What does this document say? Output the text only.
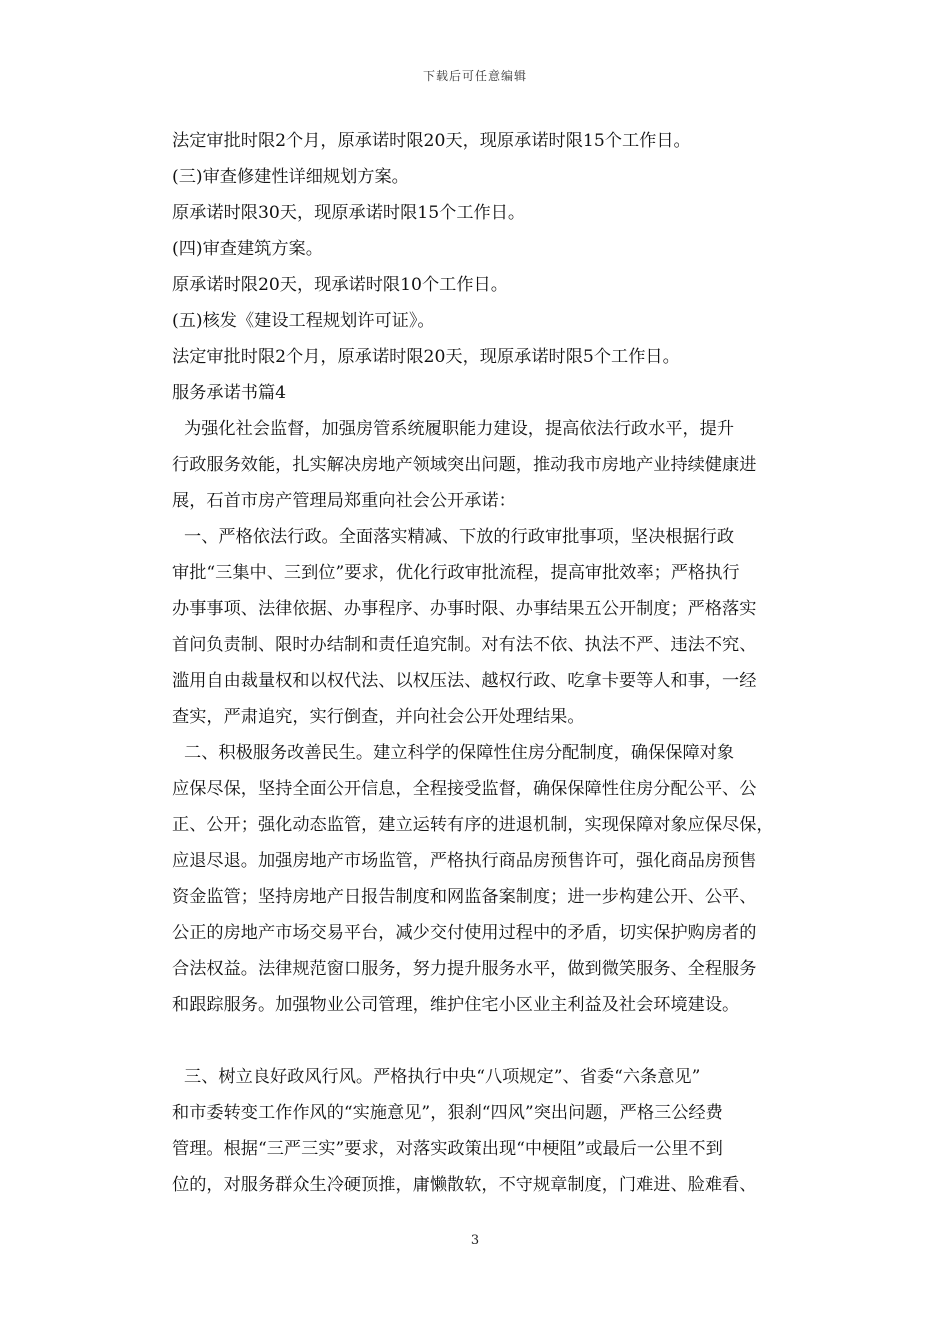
下载后可任意编辑
法定审批时限2个月，原承诺时限20天，现原承诺时限15个工作日。
(三)审查修建性详细规划方案。
原承诺时限30天，现原承诺时限15个工作日。
(四)审查建筑方案。
原承诺时限20天，现承诺时限10个工作日。
(五)核发《建设工程规划许可证》。
法定审批时限2个月，原承诺时限20天，现原承诺时限5个工作日。
服务承诺书篇4
为强化社会监督，加强房管系统履职能力建设，提高依法行政水平，提升
行政服务效能，扎实解决房地产领域突出问题，推动我市房地产业持续健康进
展，石首市房产管理局郑重向社会公开承诺：
一、严格依法行政。全面落实精减、下放的行政审批事项，坚决根据行政
审批“三集中、三到位”要求，优化行政审批流程，提高审批效率；严格执行
办事事项、法律依据、办事程序、办事时限、办事结果五公开制度；严格落实
首问负责制、限时办结制和责任追究制。对有法不依、执法不严、违法不究、
滥用自由裁量权和以权代法、以权压法、越权行政、吃拿卡要等人和事，一经
查实，严肃追究，实行倒查，并向社会公开处理结果。
二、积极服务改善民生。建立科学的保障性住房分配制度，确保保障对象
应保尽保，坚持全面公开信息，全程接受监督，确保保障性住房分配公平、公
正、公开；强化动态监管，建立运转有序的进退机制，实现保障对象应保尽保，
应退尽退。加强房地产市场监管，严格执行商品房预售许可，强化商品房预售
资金监管；坚持房地产日报告制度和网监备案制度；进一步构建公开、公平、
公正的房地产市场交易平台，减少交付使用过程中的矛盾，切实保护购房者的
合法权益。法律规范窗口服务，努力提升服务水平，做到微笑服务、全程服务
和跟踪服务。加强物业公司管理，维护住宅小区业主利益及社会环境建设。
三、树立良好政风行风。严格执行中央“八项规定”、省委“六条意见”
和市委转变工作作风的“实施意见”，狠刹“四风”突出问题，严格三公经费
管理。根据“三严三实”要求，对落实政策出现“中梗阻”或最后一公里不到
位的，对服务群众生冷硬顶推，庸懒散软，不守规章制度，门难进、脸难看、
3
